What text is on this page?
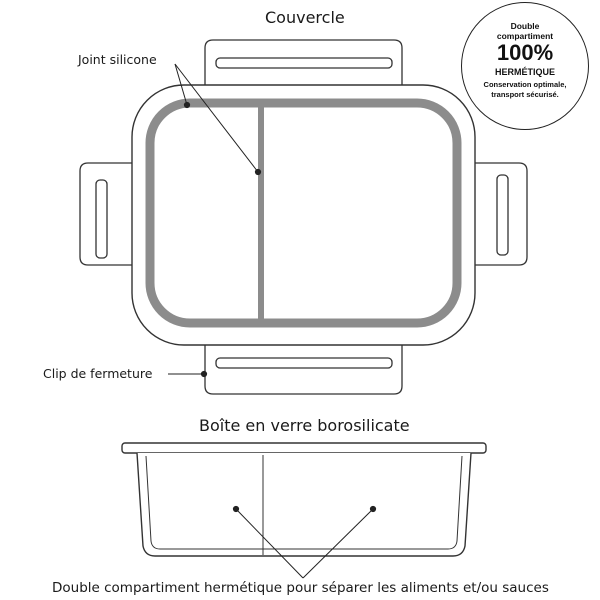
Couvercle
Joint silicone
Clip de fermeture
Boîte en verre borosilicate
Double compartiment hermétique pour séparer les aliments et/ou sauces
Double
compartiment
100%
HERMÉTIQUE
Conservation optimale,
transport sécurisé.
